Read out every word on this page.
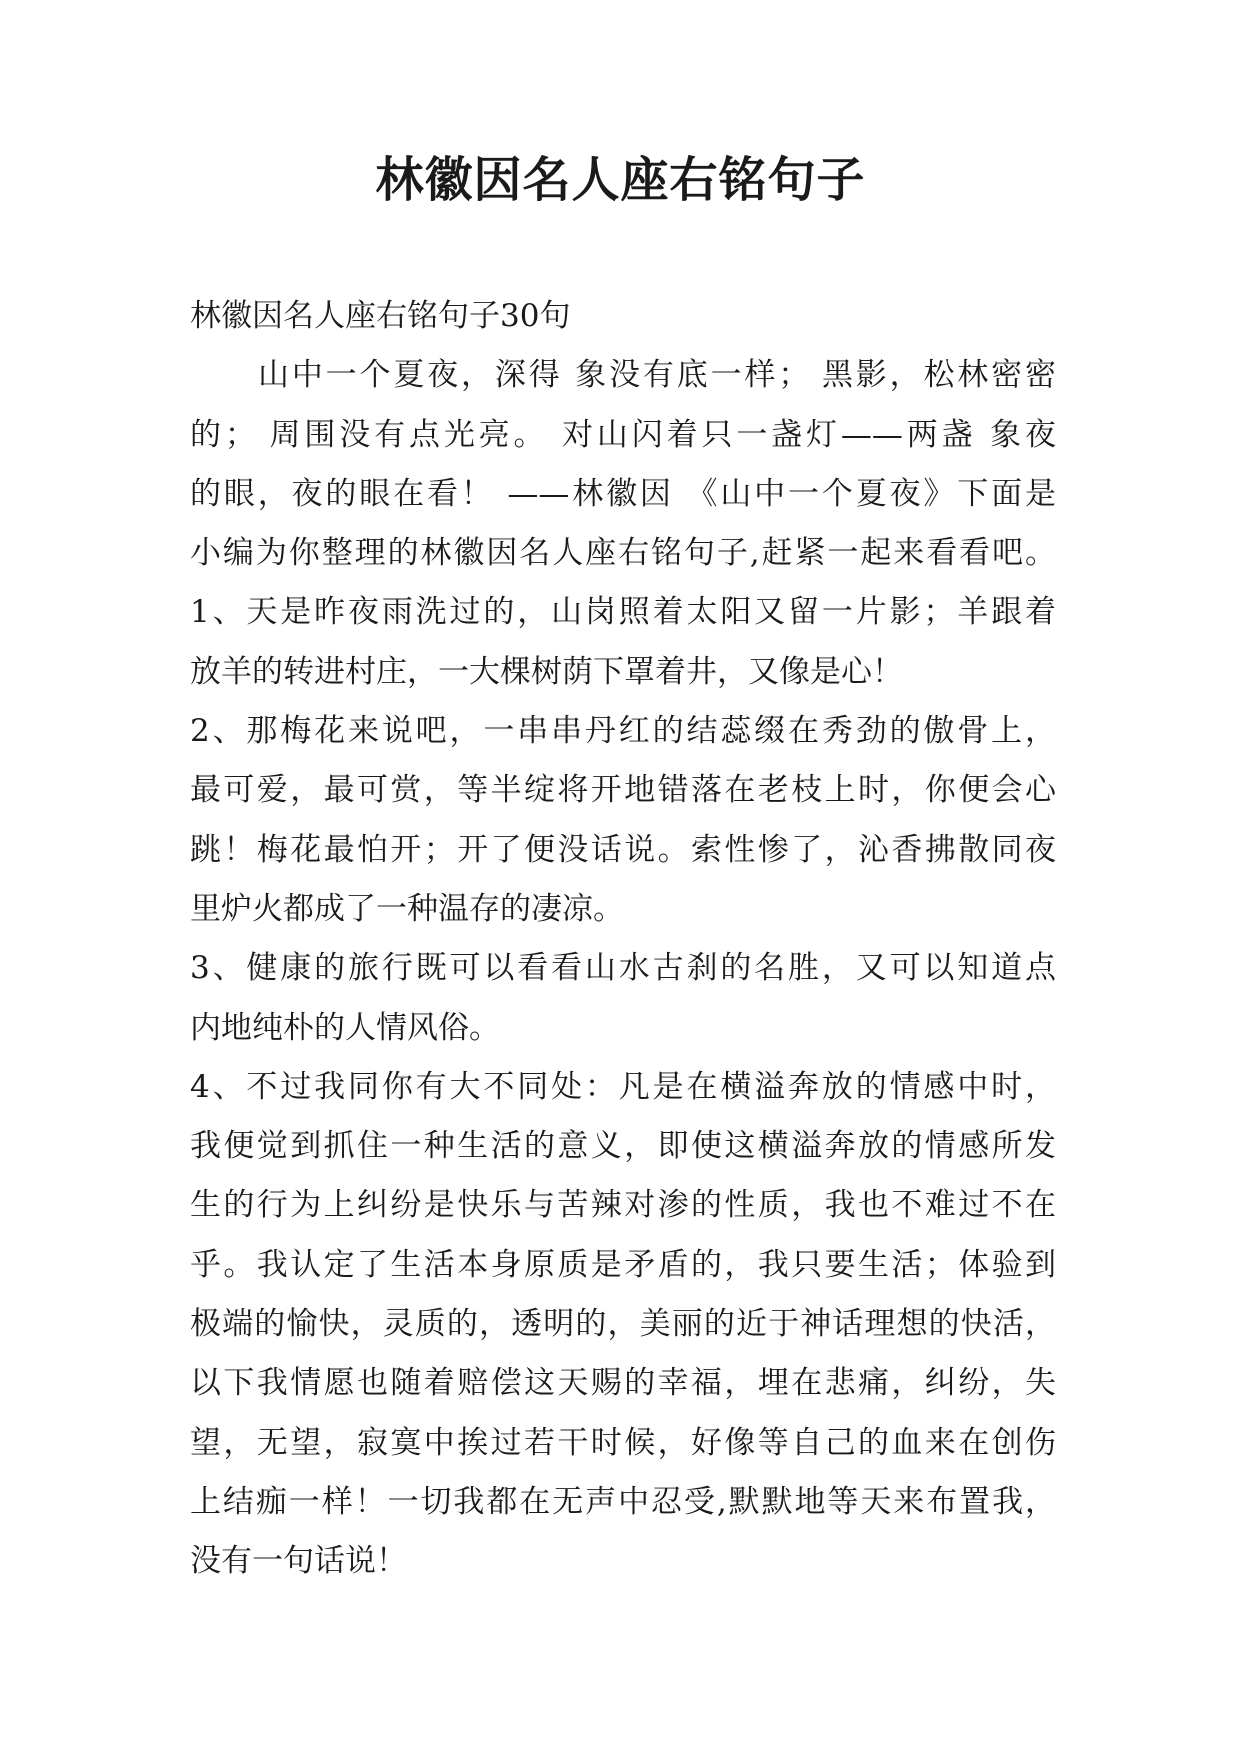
林徽因名人座右铭句子
林徽因名人座右铭句子30句
山中一个夏夜，深得 象没有底一样； 黑影，松林密密
的； 周围没有点光亮。 对山闪着只一盏灯——两盏 象夜
的眼，夜的眼在看！ ——林徽因 《山中一个夏夜》下面是
小编为你整理的林徽因名人座右铭句子,赶紧一起来看看吧。
1、天是昨夜雨洗过的，山岗照着太阳又留一片影；羊跟着
放羊的转进村庄，一大棵树荫下罩着井，又像是心！
2、那梅花来说吧，一串串丹红的结蕊缀在秀劲的傲骨上，
最可爱，最可赏，等半绽将开地错落在老枝上时，你便会心
跳！梅花最怕开；开了便没话说。索性惨了，沁香拂散同夜
里炉火都成了一种温存的凄凉。
3、健康的旅行既可以看看山水古刹的名胜，又可以知道点
内地纯朴的人情风俗。
4、不过我同你有大不同处：凡是在横溢奔放的情感中时，
我便觉到抓住一种生活的意义，即使这横溢奔放的情感所发
生的行为上纠纷是快乐与苦辣对渗的性质，我也不难过不在
乎。我认定了生活本身原质是矛盾的，我只要生活；体验到
极端的愉快，灵质的，透明的，美丽的近于神话理想的快活，
以下我情愿也随着赔偿这天赐的幸福，埋在悲痛，纠纷，失
望，无望，寂寞中挨过若干时候，好像等自己的血来在创伤
上结痂一样！一切我都在无声中忍受,默默地等天来布置我，
没有一句话说！
